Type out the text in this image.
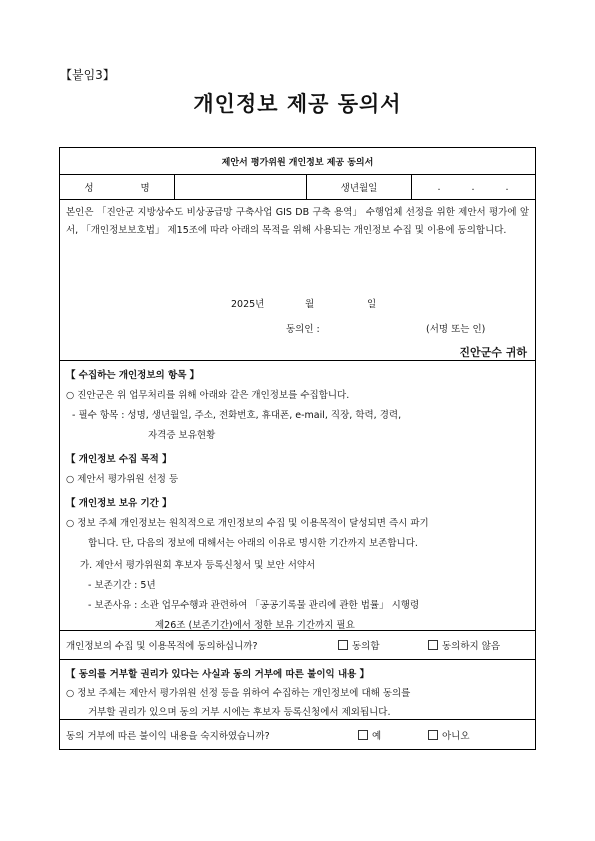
【붙임3】
개인정보 제공 동의서
제안서 평가위원 개인정보 제공 동의서
성 명	생년월일	. . .
본인은 「진안군 지방상수도 비상공급망 구축사업 GIS DB 구축 용역」 수행업체 선정을 위한 제안서 평가에 앞서, 「개인정보보호법」 제15조에 따라 아래의 목적을 위해 사용되는 개인정보 수집 및 이용에 동의합니다.
2025년	월	일
동의인 :	(서명 또는 인)
진안군수 귀하
【 수집하는 개인정보의 항목 】
○ 진안군은 위 업무처리를 위해 아래와 같은 개인정보를 수집합니다.
- 필수 항목 : 성명, 생년월일, 주소, 전화번호, 휴대폰, e-mail, 직장, 학력, 경력,
자격증 보유현황
【 개인정보 수집 목적 】
○ 제안서 평가위원 선정 등
【 개인정보 보유 기간 】
○ 정보 주체 개인정보는 원칙적으로 개인정보의 수집 및 이용목적이 달성되면 즉시 파기
합니다. 단, 다음의 정보에 대해서는 아래의 이유로 명시한 기간까지 보존합니다.
가. 제안서 평가위원회 후보자 등록신청서 및 보안 서약서
- 보존기간 : 5년
- 보존사유 : 소관 업무수행과 관련하여 「공공기록물 관리에 관한 법률」 시행령
제26조 (보존기간)에서 정한 보유 기간까지 필요
개인정보의 수집 및 이용목적에 동의하십니까?	동의함	동의하지 않음
【 동의를 거부할 권리가 있다는 사실과 동의 거부에 따른 불이익 내용 】
○ 정보 주체는 제안서 평가위원 선정 등을 위하여 수집하는 개인정보에 대해 동의를
거부할 권리가 있으며 동의 거부 시에는 후보자 등록신청에서 제외됩니다.
동의 거부에 따른 불이익 내용을 숙지하였습니까?	예	아니오
